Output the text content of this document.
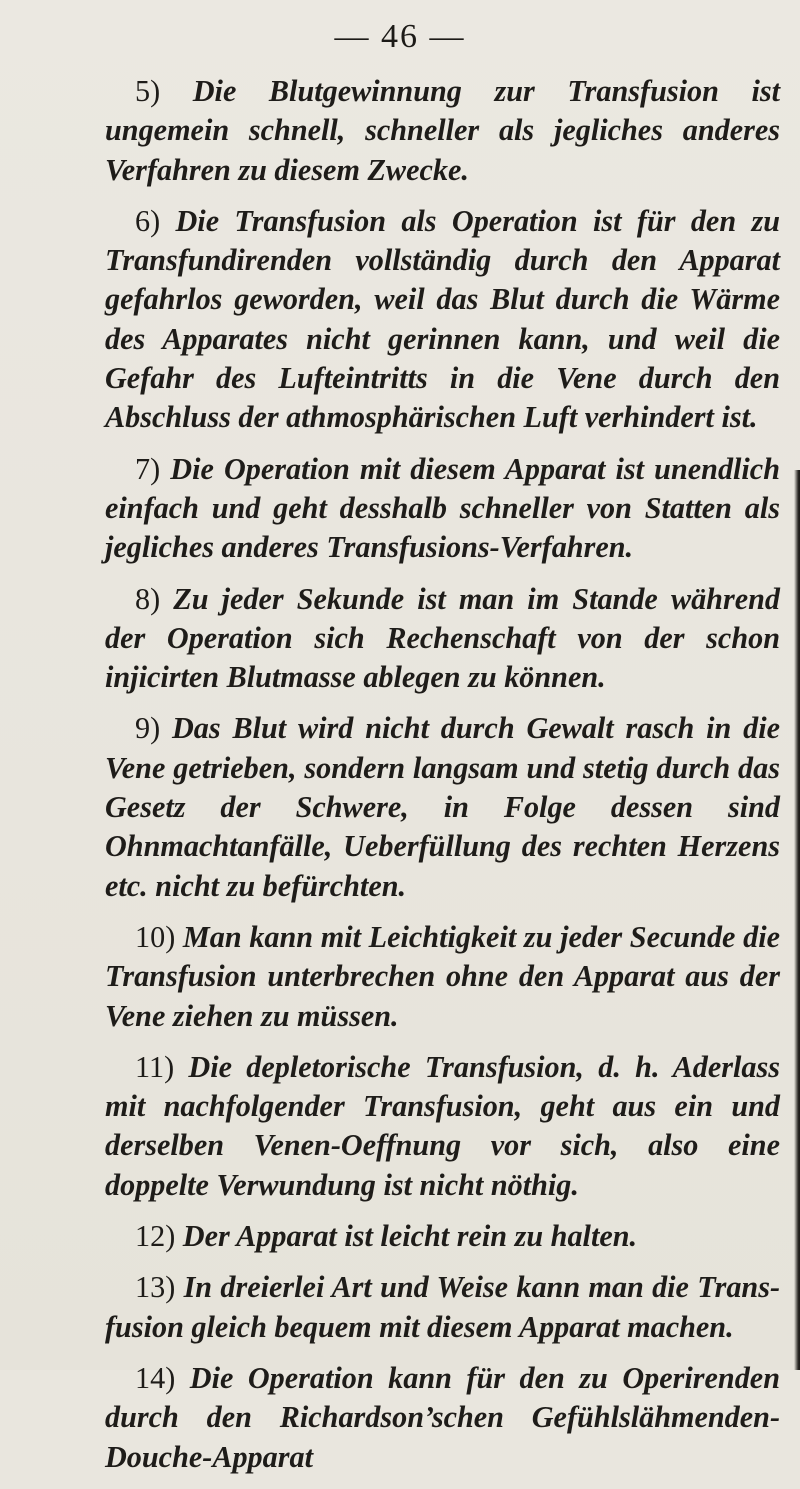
— 46 —

5) Die Blutgewinnung zur Transfusion ist ungemein schnell, schneller als jegliches anderes Verfahren zu diesem Zwecke.

6) Die Transfusion als Operation ist für den zu Transfundirenden vollständig durch den Apparat gefahrlos geworden, weil das Blut durch die Wärme des Apparates nicht gerinnen kann, und weil die Gefahr des Lufteintritts in die Vene durch den Abschluss der athmosphärischen Luft verhindert ist.

7) Die Operation mit diesem Apparat ist unendlich einfach und geht desshalb schneller von Statten als jegliches anderes Transfusions-Verfahren.

8) Zu jeder Sekunde ist man im Stande während der Operation sich Rechenschaft von der schon injicirten Blutmasse ablegen zu können.

9) Das Blut wird nicht durch Gewalt rasch in die Vene getrieben, sondern langsam und stetig durch das Gesetz der Schwere, in Folge dessen sind Ohnmachtanfälle, Ueberfüllung des rechten Herzens etc. nicht zu befürchten.

10) Man kann mit Leichtigkeit zu jeder Secunde die Transfusion unterbrechen ohne den Apparat aus der Vene ziehen zu müssen.

11) Die depletorische Transfusion, d. h. Aderlass mit nachfolgender Transfusion, geht aus ein und derselben Venen-Oeffnung vor sich, also eine doppelte Verwundung ist nicht nöthig.

12) Der Apparat ist leicht rein zu halten.

13) In dreierlei Art und Weise kann man die Transfusion gleich bequem mit diesem Apparat machen.

14) Die Operation kann für den zu Operirenden durch den Richardson’schen Gefühlslähmenden-Douche-Apparat
